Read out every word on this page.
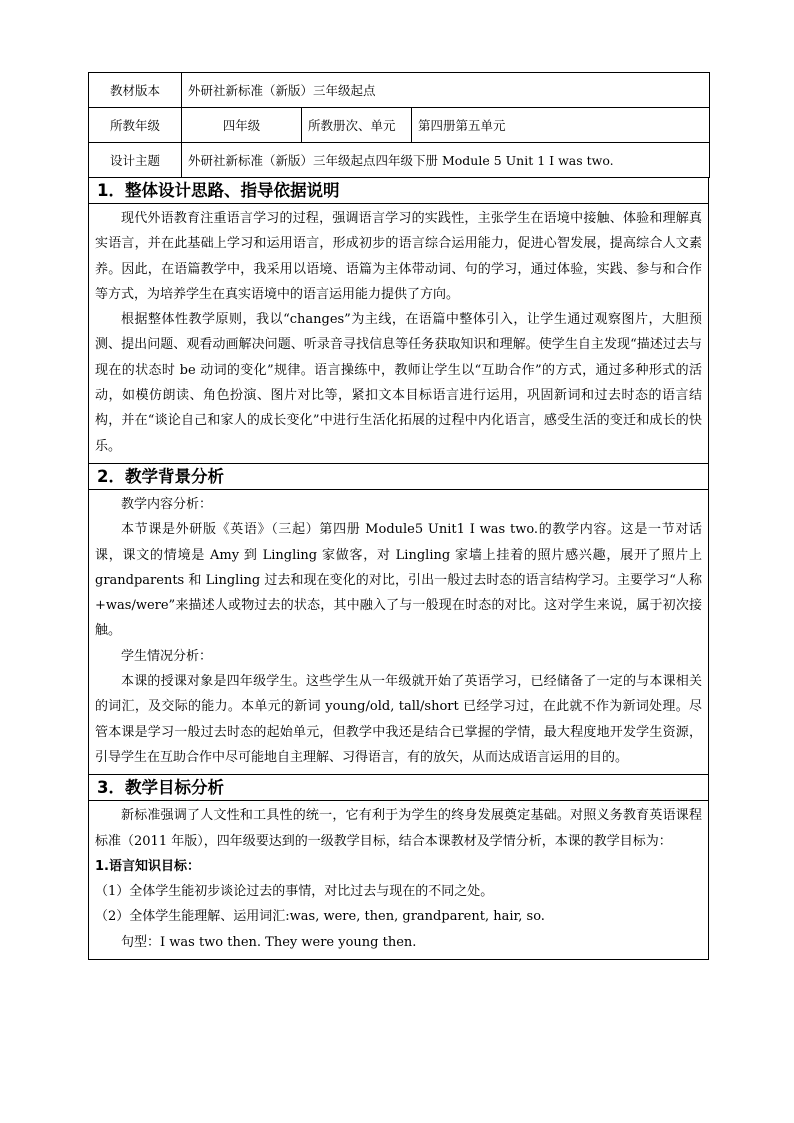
教材版本	外研社新标准（新版）三年级起点		
所教年级	四年级	所教册次、单元	第四册第五单元
设计主题	外研社新标准（新版）三年级起点四年级下册 Module 5 Unit 1 I was two.		
1．整体设计思路、指导依据说明

现代外语教育注重语言学习的过程，强调语言学习的实践性，主张学生在语境中接触、体验和理解真实语言，并在此基础上学习和运用语言，形成初步的语言综合运用能力，促进心智发展，提高综合人文素养。因此，在语篇教学中，我采用以语境、语篇为主体带动词、句的学习，通过体验，实践、参与和合作等方式，为培养学生在真实语境中的语言运用能力提供了方向。

根据整体性教学原则，我以“changes”为主线，在语篇中整体引入，让学生通过观察图片，大胆预测、提出问题、观看动画解决问题、听录音寻找信息等任务获取知识和理解。使学生自主发现“描述过去与现在的状态时 be 动词的变化”规律。语言操练中，教师让学生以“互助合作”的方式，通过多种形式的活动，如模仿朗读、角色扮演、图片对比等，紧扣文本目标语言进行运用，巩固新词和过去时态的语言结构，并在“谈论自己和家人的成长变化”中进行生活化拓展的过程中内化语言，感受生活的变迁和成长的快乐。

2．教学背景分析

教学内容分析：

本节课是外研版《英语》（三起）第四册 Module5 Unit1 I was two.的教学内容。这是一节对话课，课文的情境是 Amy 到 Lingling 家做客，对 Lingling 家墙上挂着的照片感兴趣，展开了照片上 grandparents 和 Lingling 过去和现在变化的对比，引出一般过去时态的语言结构学习。主要学习“人称+was/were”来描述人或物过去的状态，其中融入了与一般现在时态的对比。这对学生来说，属于初次接触。

学生情况分析：

本课的授课对象是四年级学生。这些学生从一年级就开始了英语学习，已经储备了一定的与本课相关的词汇，及交际的能力。本单元的新词 young/old, tall/short 已经学习过，在此就不作为新词处理。尽管本课是学习一般过去时态的起始单元，但教学中我还是结合已掌握的学情，最大程度地开发学生资源，引导学生在互助合作中尽可能地自主理解、习得语言，有的放矢，从而达成语言运用的目的。

3．教学目标分析

新标准强调了人文性和工具性的统一，它有利于为学生的终身发展奠定基础。对照义务教育英语课程标准（2011 年版），四年级要达到的一级教学目标，结合本课教材及学情分析，本课的教学目标为：

1.语言知识目标：

（1）全体学生能初步谈论过去的事情，对比过去与现在的不同之处。

（2）全体学生能理解、运用词汇:was, were, then, grandparent, hair, so.

句型：I was two then. They were young then.
